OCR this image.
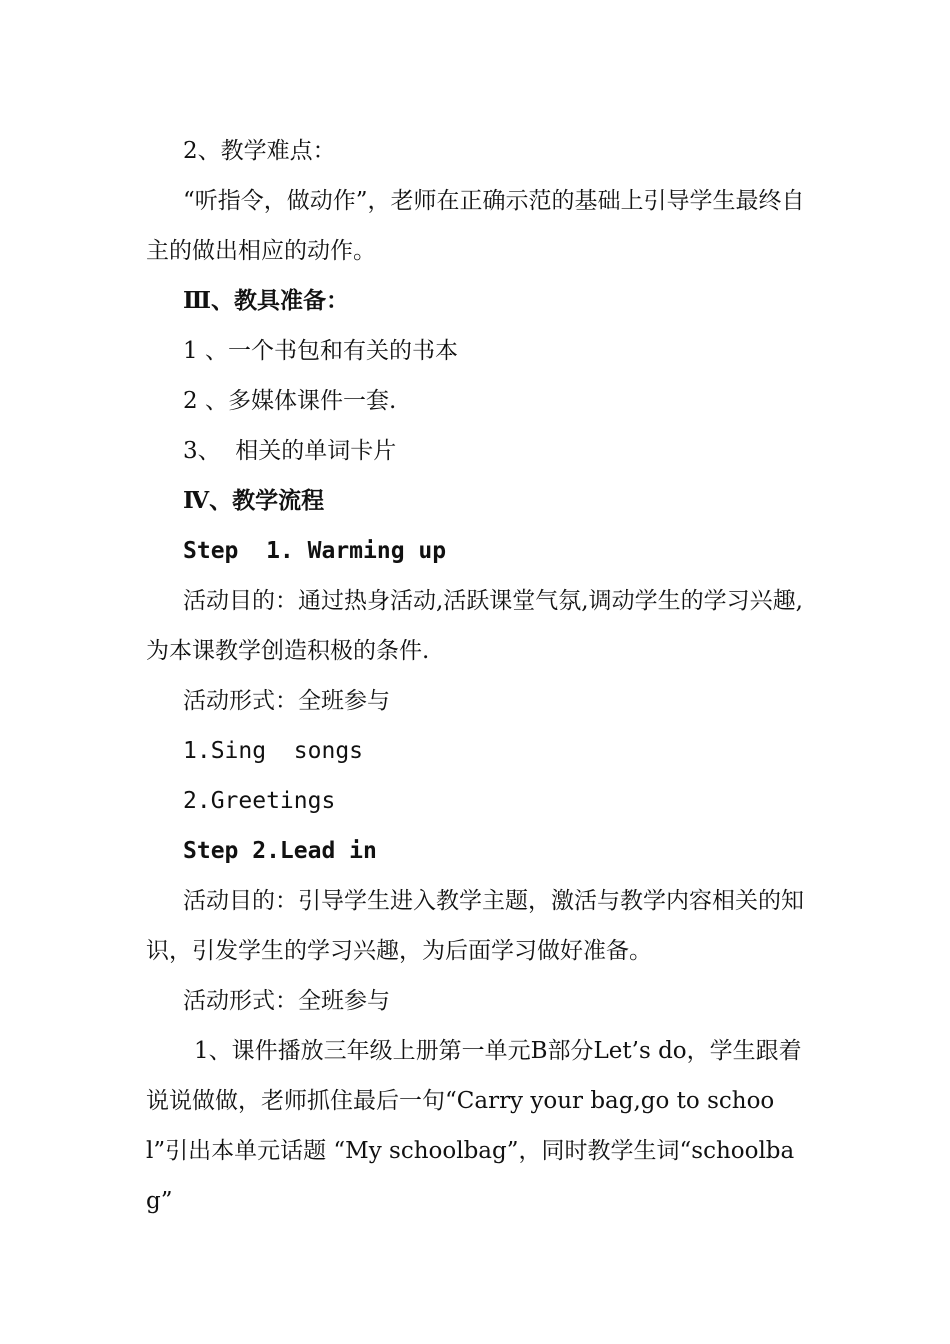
2、教学难点：

“听指令，做动作”，老师在正确示范的基础上引导学生最终自主的做出相应的动作。

Ⅲ、教具准备：

1 、一个书包和有关的书本

2 、多媒体课件一套.

3、  相关的单词卡片

Ⅳ、教学流程

Step  1. Warming up

活动目的：通过热身活动,活跃课堂气氛,调动学生的学习兴趣,为本课教学创造积极的条件.

活动形式：全班参与

1.Sing  songs

2.Greetings

Step 2.Lead in

活动目的：引导学生进入教学主题，激活与教学内容相关的知识，引发学生的学习兴趣，为后面学习做好准备。

活动形式：全班参与

1、课件播放三年级上册第一单元B部分Let’s do，学生跟着说说做做，老师抓住最后一句“Carry your bag,go to school”引出本单元话题 “My schoolbag”，同时教学生词“schoolbag”
